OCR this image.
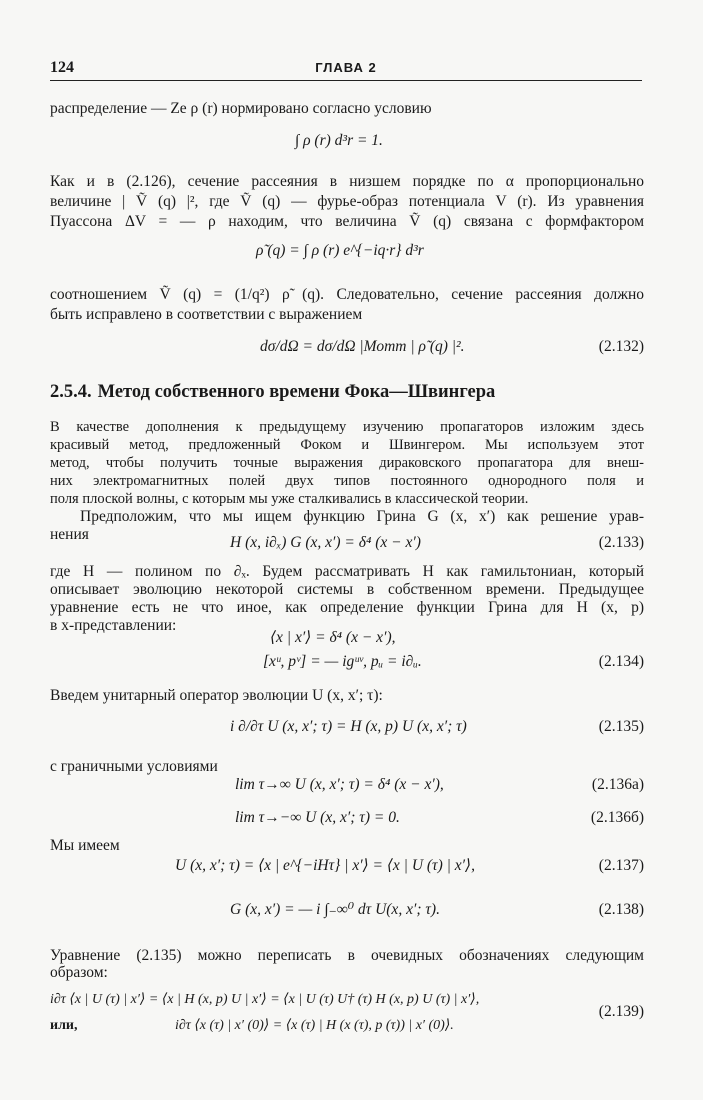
124	ГЛАВА 2

распределение — Ze ρ (r) нормировано согласно условию

∫ ρ (r) d³r = 1.

Как и в (2.126), сечение рассеяния в низшем порядке по α пропорционально

величине | Ṽ (q) |², где Ṽ (q) — фурье-образ потенциала V (r). Из уравнения

Пуассона ΔV = — ρ находим, что величина Ṽ (q) связана с формфактором

ρ̃ (q) = ∫ ρ (r) e^{−iq·r} d³r

соотношением Ṽ (q) = (1/q²) ρ̃ (q). Следовательно, сечение рассеяния должно

быть исправлено в соответствии с выражением

dσ/dΩ = dσ/dΩ |Мотт | ρ̃ (q) |².	(2.132)
2.5.4. Метод собственного времени Фока—Швингера

В качестве дополнения к предыдущему изучению пропагаторов изложим здесь

красивый метод, предложенный Фоком и Швингером. Мы используем этот

метод, чтобы получить точные выражения дираковского пропагатора для внеш-

них электромагнитных полей двух типов постоянного однородного поля и

поля плоской волны, с которым мы уже сталкивались в классической теории.

Предположим, что мы ищем функцию Грина G (x, x′) как решение урав-

нения	H (x, i∂ₓ) G (x, x′) = δ⁴ (x − x′)	(2.133)

где H — полином по ∂ₓ. Будем рассматривать H как гамильтониан, который

описывает эволюцию некоторой системы в собственном времени. Предыдущее

уравнение есть не что иное, как определение функции Грина для H (x, p)

в x-представлении:

⟨x | x′⟩ = δ⁴ (x − x′),
[xᵘ, pᵛ] = — igᵘᵛ, pᵤ = i∂ᵤ.	(2.134)

Введем унитарный оператор эволюции U (x, x′; τ):

i ∂/∂τ U (x, x′; τ) = H (x, p) U (x, x′; τ)	(2.135)

с граничными условиями

lim τ→∞ U (x, x′; τ) = δ⁴ (x − x′),	(2.136а)
lim τ→−∞ U (x, x′; τ) = 0.	(2.136б)

Мы имеем

U (x, x′; τ) = ⟨x | e^{−iHτ} | x′⟩ = ⟨x | U (τ) | x′⟩,	(2.137)
G (x, x′) = — i ∫₋∞⁰ dτ U(x, x′; τ).	(2.138)

Уравнение (2.135) можно переписать в очевидных обозначениях следующим

образом:

i∂τ ⟨x | U (τ) | x′⟩ = ⟨x | H (x, p) U | x′⟩ = ⟨x | U (τ) U† (τ) H (x, p) U (τ) | x′⟩,
(2.139)
или,	i∂τ ⟨x (τ) | x′ (0)⟩ = ⟨x (τ) | H (x (τ), p (τ)) | x′ (0)⟩.
